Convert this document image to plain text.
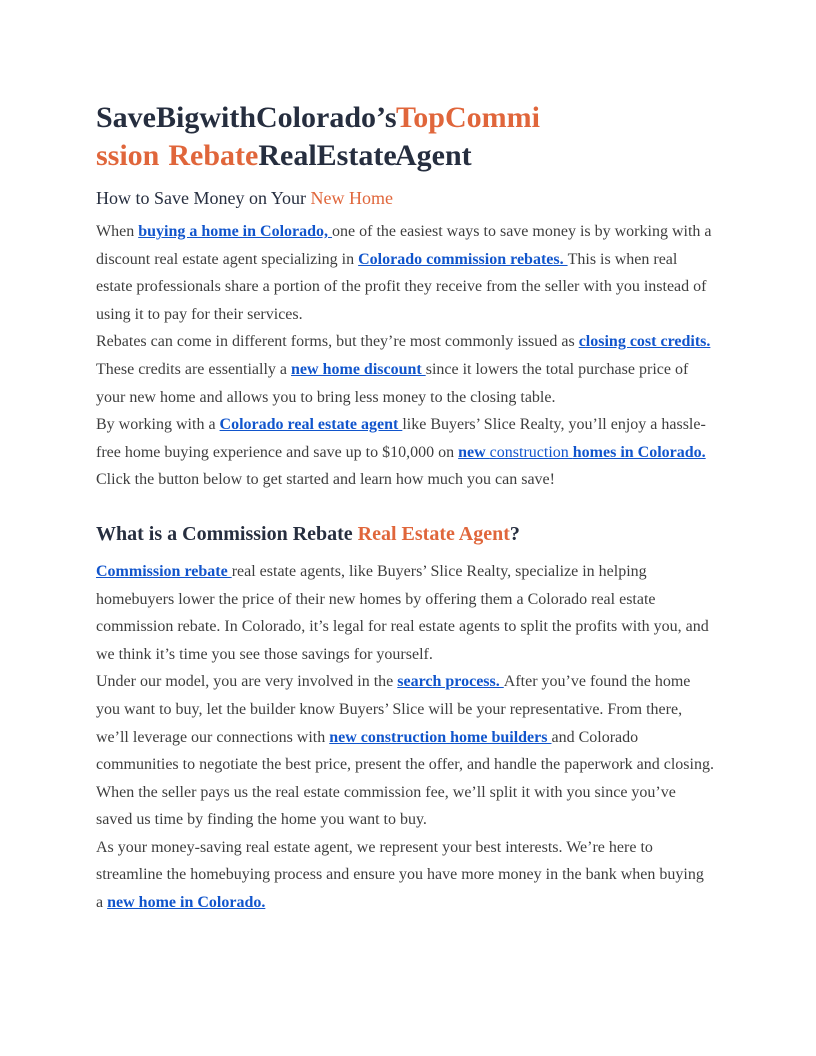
Save Big with Colorado’s Top Commi
ssion Rebate Real Estate Agent
How to Save Money on Your New Home

When buying a home in Colorado, one of the easiest ways to save money is by working with a discount real estate agent specializing in Colorado commission rebates. This is when real estate professionals share a portion of the profit they receive from the seller with you instead of using it to pay for their services.

Rebates can come in different forms, but they’re most commonly issued as closing cost credits. These credits are essentially a new home discount since it lowers the total purchase price of your new home and allows you to bring less money to the closing table.

By working with a Colorado real estate agent like Buyers’ Slice Realty, you’ll enjoy a hassle-free home buying experience and save up to $10,000 on new construction homes in Colorado. Click the button below to get started and learn how much you can save!

What is a Commission Rebate Real Estate Agent?

Commission rebate real estate agents, like Buyers’ Slice Realty, specialize in helping homebuyers lower the price of their new homes by offering them a Colorado real estate commission rebate. In Colorado, it’s legal for real estate agents to split the profits with you, and we think it’s time you see those savings for yourself.

Under our model, you are very involved in the search process. After you’ve found the home you want to buy, let the builder know Buyers’ Slice will be your representative. From there, we’ll leverage our connections with new construction home builders and Colorado communities to negotiate the best price, present the offer, and handle the paperwork and closing. When the seller pays us the real estate commission fee, we’ll split it with you since you’ve saved us time by finding the home you want to buy.

As your money-saving real estate agent, we represent your best interests. We’re here to streamline the homebuying process and ensure you have more money in the bank when buying a new home in Colorado.
